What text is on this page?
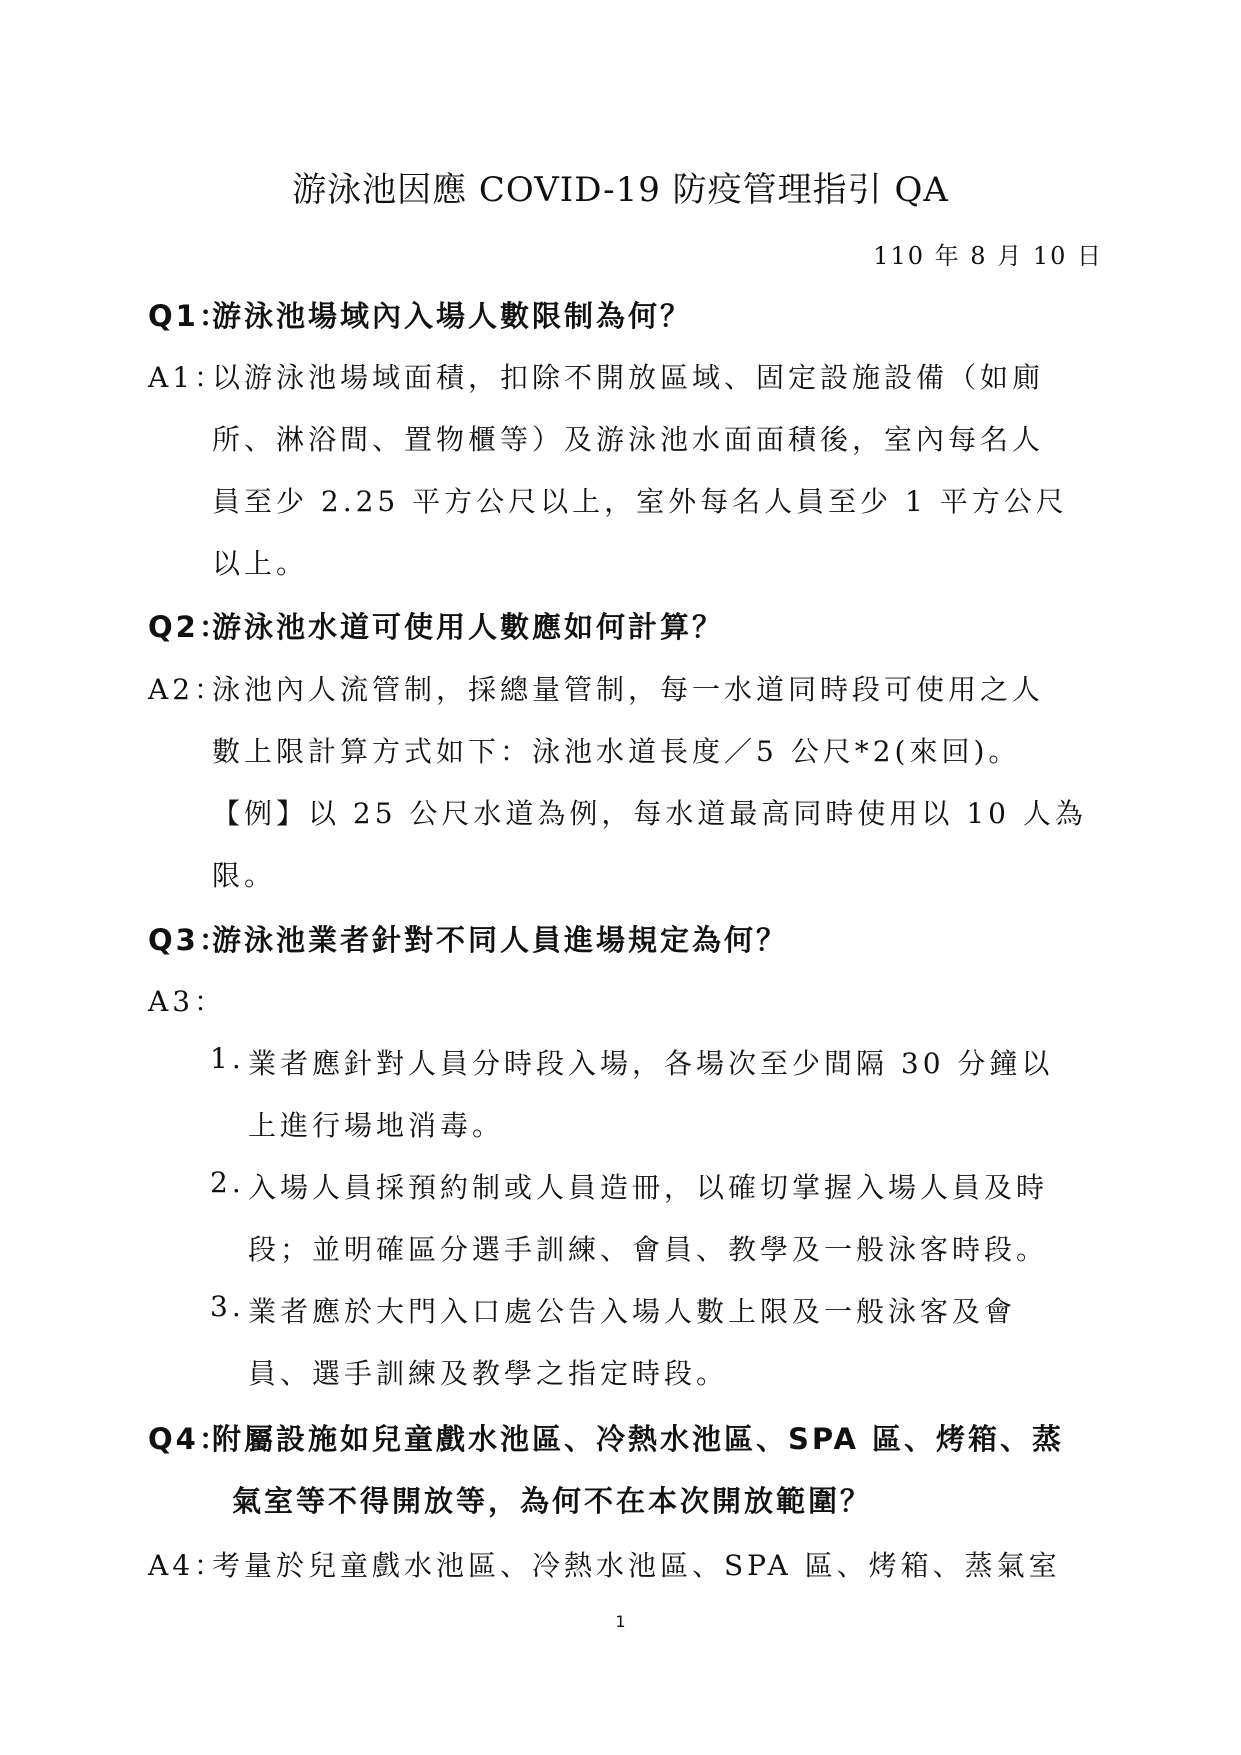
游泳池因應 COVID-19 防疫管理指引 QA
110 年 8 月 10 日
Q1：
游泳池場域內入場人數限制為何？
A1：
以游泳池場域面積，扣除不開放區域、固定設施設備（如廁
所、淋浴間、置物櫃等）及游泳池水面面積後，室內每名人
員至少 2.25 平方公尺以上，室外每名人員至少 1 平方公尺
以上。
Q2：
游泳池水道可使用人數應如何計算？
A2：
泳池內人流管制，採總量管制，每一水道同時段可使用之人
數上限計算方式如下：泳池水道長度／5 公尺*2(來回)。
【例】以 25 公尺水道為例，每水道最高同時使用以 10 人為
限。
Q3：
游泳池業者針對不同人員進場規定為何？
A3：
1. 業者應針對人員分時段入場，各場次至少間隔 30 分鐘以
上進行場地消毒。
2. 入場人員採預約制或人員造冊，以確切掌握入場人員及時
段；並明確區分選手訓練、會員、教學及一般泳客時段。
3. 業者應於大門入口處公告入場人數上限及一般泳客及會
員、選手訓練及教學之指定時段。
Q4：
附屬設施如兒童戲水池區、冷熱水池區、SPA 區、烤箱、蒸
氣室等不得開放等，為何不在本次開放範圍？
A4：
考量於兒童戲水池區、冷熱水池區、SPA 區、烤箱、蒸氣室
1
